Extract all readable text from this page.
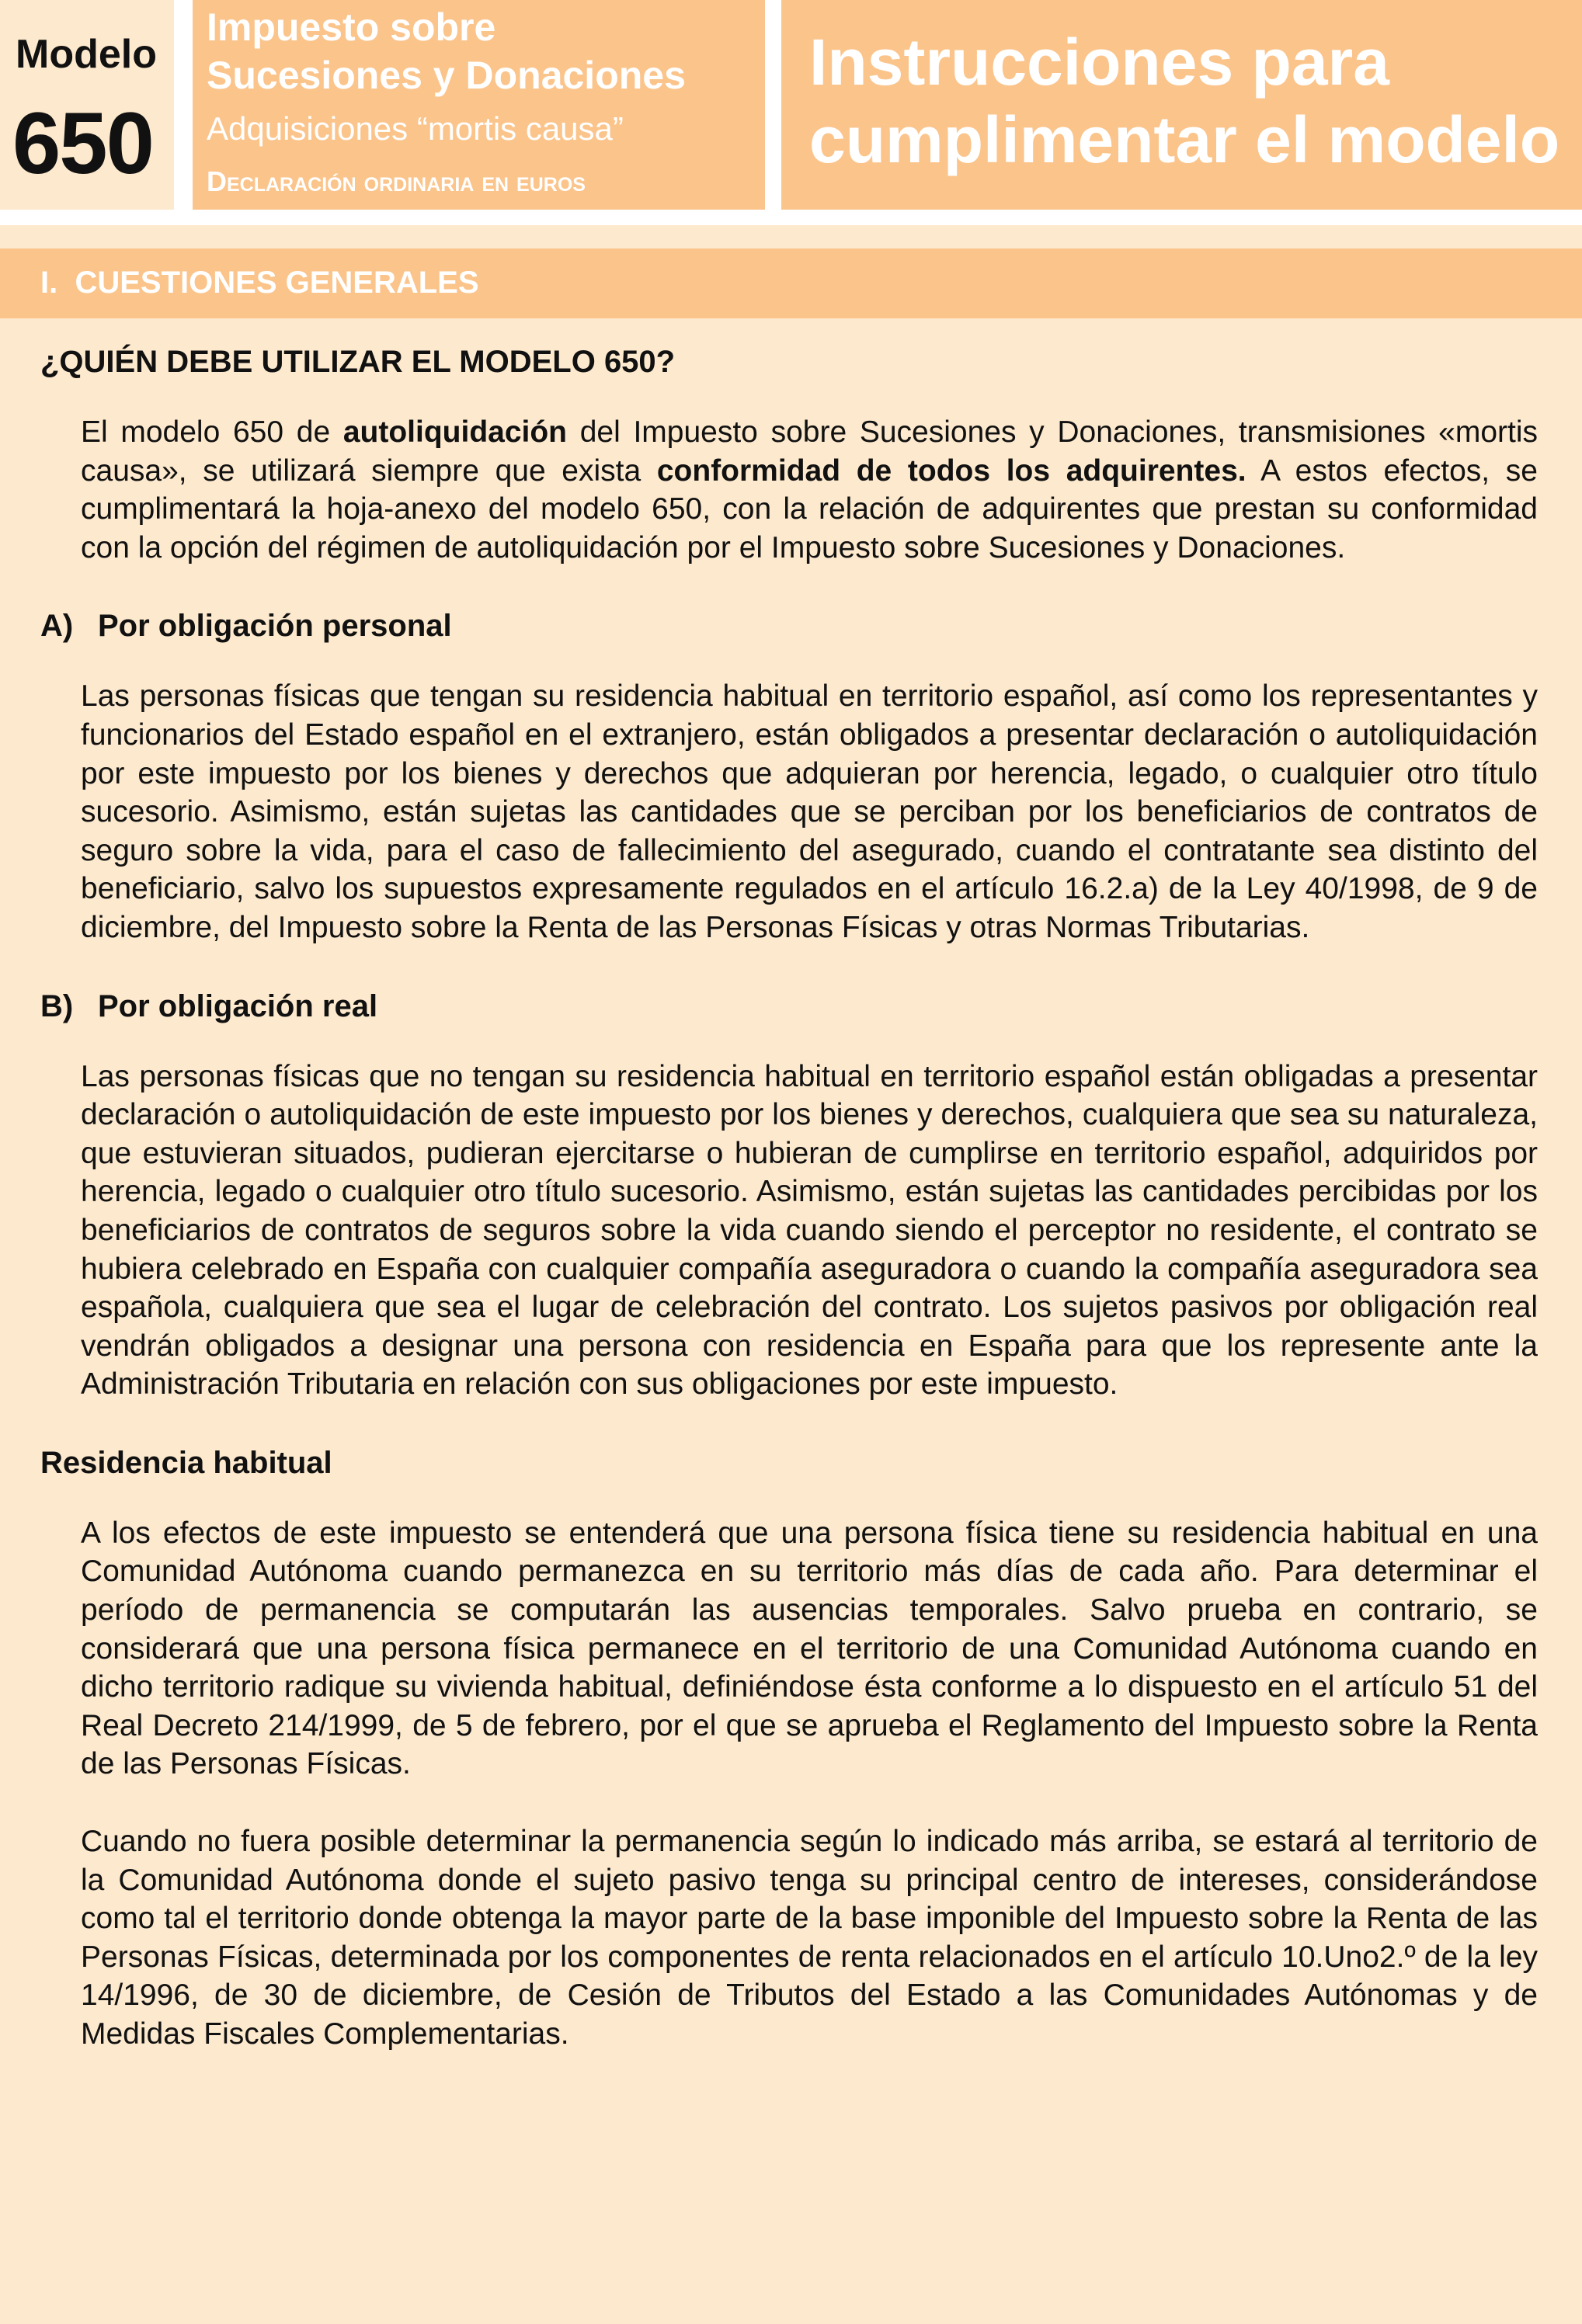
Modelo
650
Impuesto sobre
Sucesiones y Donaciones
Adquisiciones “mortis causa”
Declaración ordinaria en euros
Instrucciones para
cumplimentar el modelo
I.  CUESTIONES GENERALES
¿QUIÉN DEBE UTILIZAR EL MODELO 650?

El modelo 650 de autoliquidación del Impuesto sobre Sucesiones y Donaciones, transmisiones «mortis causa», se utilizará siempre que exista conformidad de todos los adquirentes. A estos efectos, se cumplimentará la hoja-anexo del modelo 650, con la relación de adquirentes que prestan su conformidad con la opción del régimen de autoliquidación por el Impuesto sobre Sucesiones y Donaciones.

A) Por obligación personal

Las personas físicas que tengan su residencia habitual en territorio español, así como los representantes y funcionarios del Estado español en el extranjero, están obligados a presentar declaración o autoliquidación por este impuesto por los bienes y derechos que adquieran por herencia, legado, o cualquier otro título sucesorio. Asimismo, están sujetas las cantidades que se perciban por los beneficiarios de contratos de seguro sobre la vida, para el caso de fallecimiento del asegurado, cuando el contratante sea distinto del beneficiario, salvo los supuestos expresamente regulados en el artículo 16.2.a) de la Ley 40/1998, de 9 de diciembre, del Impuesto sobre la Renta de las Personas Físicas y otras Normas Tributarias.

B) Por obligación real

Las personas físicas que no tengan su residencia habitual en territorio español están obligadas a presentar declaración o autoliquidación de este impuesto por los bienes y derechos, cualquiera que sea su naturaleza, que estuvieran situados, pudieran ejercitarse o hubieran de cumplirse en territorio español, adquiridos por herencia, legado o cualquier otro título sucesorio. Asimismo, están sujetas las cantidades percibidas por los beneficiarios de contratos de seguros sobre la vida cuando siendo el perceptor no residente, el contrato se hubiera celebrado en España con cualquier compañía aseguradora o cuando la compañía aseguradora sea española, cualquiera que sea el lugar de celebración del contrato. Los sujetos pasivos por obligación real vendrán obligados a designar una persona con residencia en España para que los represente ante la Administración Tributaria en relación con sus obligaciones por este impuesto.

Residencia habitual

A los efectos de este impuesto se entenderá que una persona física tiene su residencia habitual en una Comunidad Autónoma cuando permanezca en su territorio más días de cada año. Para determinar el período de permanencia se computarán las ausencias temporales. Salvo prueba en contrario, se considerará que una persona física permanece en el territorio de una Comunidad Autónoma cuando en dicho territorio radique su vivienda habitual, definiéndose ésta conforme a lo dispuesto en el artículo 51 del Real Decreto 214/1999, de 5 de febrero, por el que se aprueba el Reglamento del Impuesto sobre la Renta de las Personas Físicas.

Cuando no fuera posible determinar la permanencia según lo indicado más arriba, se estará al territorio de la Comunidad Autónoma donde el sujeto pasivo tenga su principal centro de intereses, considerándose como tal el territorio donde obtenga la mayor parte de la base imponible del Impuesto sobre la Renta de las Personas Físicas, determinada por los componentes de renta relacionados en el artículo 10.Uno2.º de la ley 14/1996, de 30 de diciembre, de Cesión de Tributos del Estado a las Comunidades Autónomas y de Medidas Fiscales Complementarias.
